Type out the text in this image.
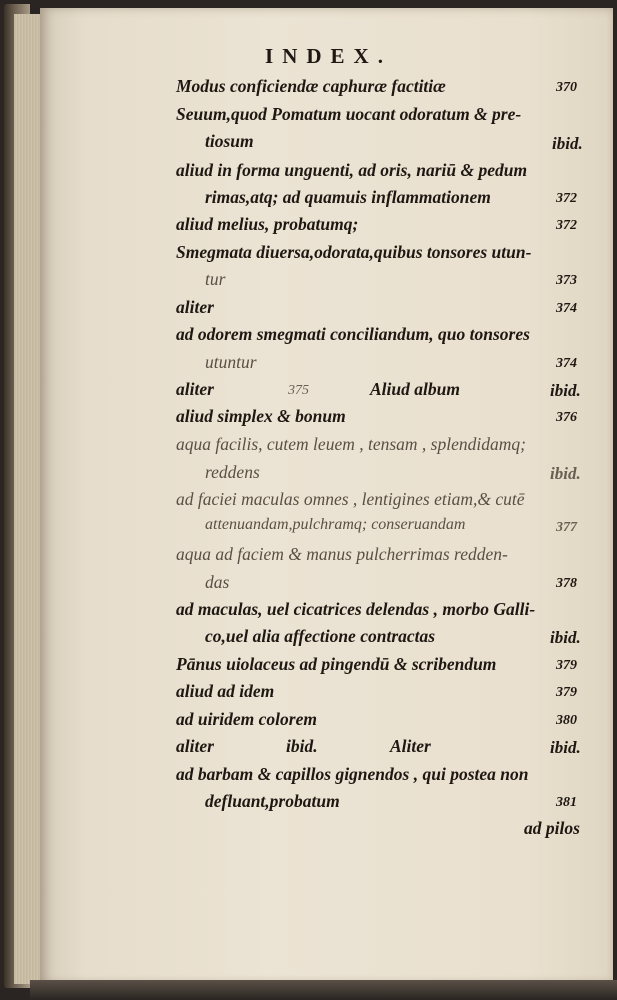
INDEX.
Modus conficiendæ caphuræ factitiæ	370
Seuum,quod Pomatum uocant odoratum & pre-
tiosum	ibid.
aliud in forma unguenti, ad oris, nariū & pedum
rimas,atq; ad quamuis inflammationem	372
aliud melius, probatumq;	372
Smegmata diuersa,odorata,quibus tonsores utun-
tur	373
aliter	374
ad odorem smegmati conciliandum, quo tonsores
utuntur	374
aliter	375	Aliud album	ibid.
aliud simplex & bonum	376
aqua facilis, cutem leuem , tensam , splendidamq;
reddens	ibid.
ad faciei maculas omnes , lentigines etiam,& cutē
attenuandam,pulchramq; conseruandam	377
aqua ad faciem & manus pulcherrimas redden-
das	378
ad maculas, uel cicatrices delendas , morbo Galli-
co,uel alia affectione contractas	ibid.
Pānus uiolaceus ad pingendū & scribendum	379
aliud ad idem	379
ad uiridem colorem	380
aliter	ibid.	Aliter	ibid.
ad barbam & capillos gignendos , qui postea non
defluant,probatum	381
ad pilos
